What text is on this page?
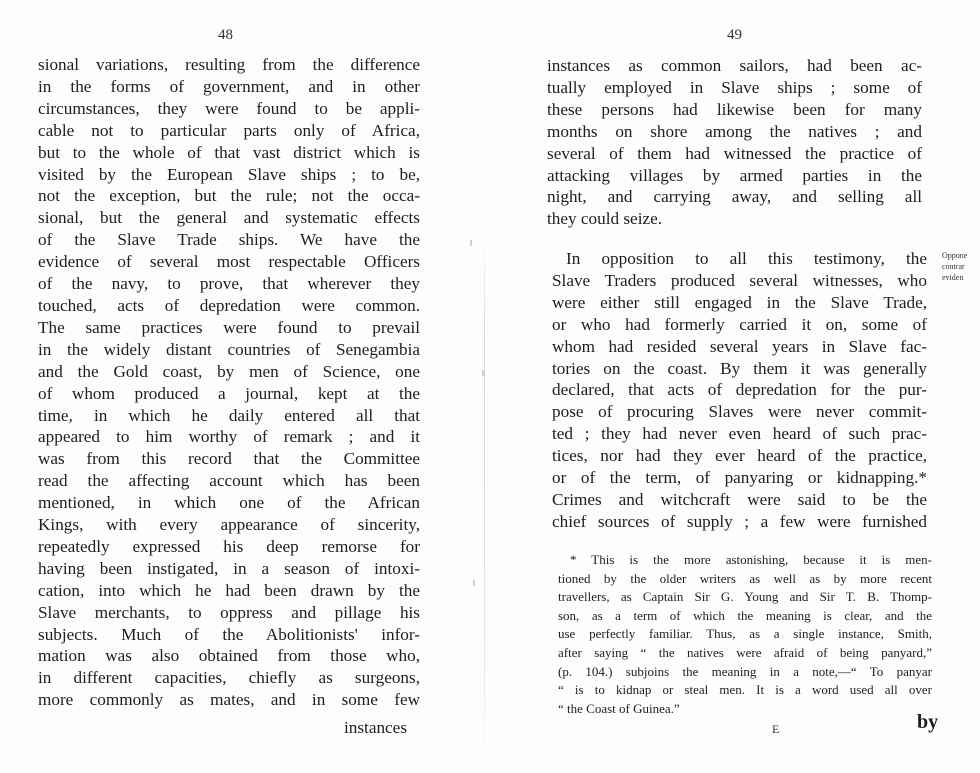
48
sional variations, resulting from the difference
in the forms of government, and in other
circumstances, they were found to be appli-
cable not to particular parts only of Africa,
but to the whole of that vast district which is
visited by the European Slave ships ; to be,
not the exception, but the rule; not the occa-
sional, but the general and systematic effects
of the Slave Trade ships. We have the
evidence of several most respectable Officers
of the navy, to prove, that wherever they
touched, acts of depredation were common.
The same practices were found to prevail
in the widely distant countries of Senegambia
and the Gold coast, by men of Science, one
of whom produced a journal, kept at the
time, in which he daily entered all that
appeared to him worthy of remark ; and it
was from this record that the Committee
read the affecting account which has been
mentioned, in which one of the African
Kings, with every appearance of sincerity,
repeatedly expressed his deep remorse for
having been instigated, in a season of intoxi-
cation, into which he had been drawn by the
Slave merchants, to oppress and pillage his
subjects. Much of the Abolitionists' infor-
mation was also obtained from those who,
in different capacities, chiefly as surgeons,
more commonly as mates, and in some few
instances
49
instances as common sailors, had been ac-
tually employed in Slave ships ; some of
these persons had likewise been for many
months on shore among the natives ; and
several of them had witnessed the practice of
attacking villages by armed parties in the
night, and carrying away, and selling all
they could seize.
In opposition to all this testimony, the
Slave Traders produced several witnesses, who
were either still engaged in the Slave Trade,
or who had formerly carried it on, some of
whom had resided several years in Slave fac-
tories on the coast. By them it was generally
declared, that acts of depredation for the pur-
pose of procuring Slaves were never commit-
ted ; they had never even heard of such prac-
tices, nor had they ever heard of the practice,
or of the term, of panyaring or kidnapping.*
Crimes and witchcraft were said to be the
chief sources of supply ; a few were furnished
Oppone
contrar
eviden
* This is the more astonishing, because it is men-
tioned by the older writers as well as by more recent
travellers, as Captain Sir G. Young and Sir T. B. Thomp-
son, as a term of which the meaning is clear, and the
use perfectly familiar. Thus, as a single instance, Smith,
after saying “ the natives were afraid of being panyard,”
(p. 104.) subjoins the meaning in a note,—“ To panyar
“ is to kidnap or steal men. It is a word used all over
“ the Coast of Guinea.”
E	by
